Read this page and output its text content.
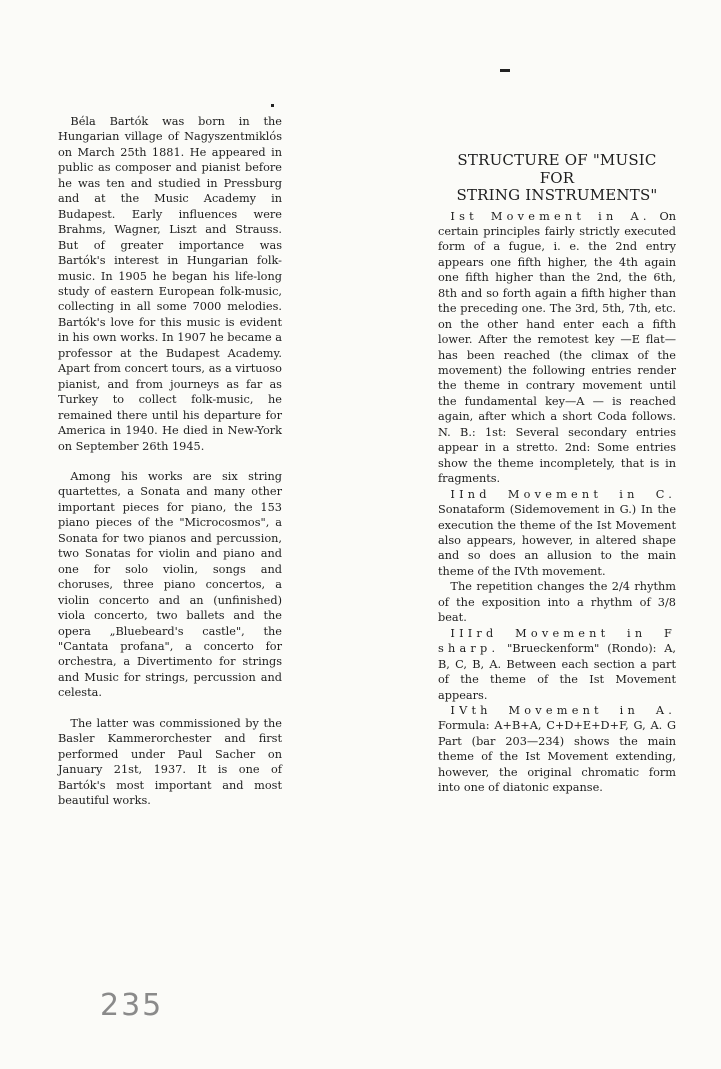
Béla Bartók was born in the Hungarian village of Nagyszentmiklós on March 25th 1881. He appeared in public as composer and pianist before he was ten and studied in Pressburg and at the Music Academy in Budapest. Early influences were Brahms, Wagner, Liszt and Strauss. But of greater importance was Bartók's interest in Hungarian folk-music. In 1905 he began his life-long study of eastern European folk-music, collecting in all some 7000 melodies. Bartók's love for this music is evident in his own works. In 1907 he became a professor at the Budapest Academy. Apart from concert tours, as a virtuoso pianist, and from journeys as far as Turkey to collect folk-music, he remained there until his departure for America in 1940. He died in New-York on September 26th 1945.

Among his works are six string quartettes, a Sonata and many other important pieces for piano, the 153 piano pieces of the "Microcosmos", a Sonata for two pianos and percussion, two Sonatas for violin and piano and one for solo violin, songs and choruses, three piano concertos, a violin concerto and an (unfinished) viola concerto, two ballets and the opera „Bluebeard's castle", the "Cantata profana", a concerto for orchestra, a Divertimento for strings and Music for strings, percussion and celesta.

The latter was commissioned by the Basler Kammerorchester and first performed under Paul Sacher on January 21st, 1937. It is one of Bartók's most important and most beautiful works.

STRUCTURE OF "MUSIC
FOR
STRING INSTRUMENTS"

Ist Movement in A. On certain principles fairly strictly executed form of a fugue, i. e. the 2nd entry appears one fifth higher, the 4th again one fifth higher than the 2nd, the 6th, 8th and so forth again a fifth higher than the preceding one. The 3rd, 5th, 7th, etc. on the other hand enter each a fifth lower. After the remotest key —E flat—has been reached (the climax of the movement) the following entries render the theme in contrary movement until the fundamental key—A — is reached again, after which a short Coda follows. N. B.: 1st: Several secondary entries appear in a stretto. 2nd: Some entries show the theme incompletely, that is in fragments.

IInd Movement in C. Sonataform (Sidemovement in G.) In the execution the theme of the Ist Movement also appears, however, in altered shape and so does an allusion to the main theme of the IVth movement.

The repetition changes the 2/4 rhythm of the exposition into a rhythm of 3/8 beat.

IIIrd Movement in F sharp. "Brueckenform" (Rondo): A, B, C, B, A. Between each section a part of the theme of the Ist Movement appears.

IVth Movement in A. Formula: A+B+A, C+D+E+D+F, G, A. G Part (bar 203—234) shows the main theme of the Ist Movement extending, however, the original chromatic form into one of diatonic expanse.

235
